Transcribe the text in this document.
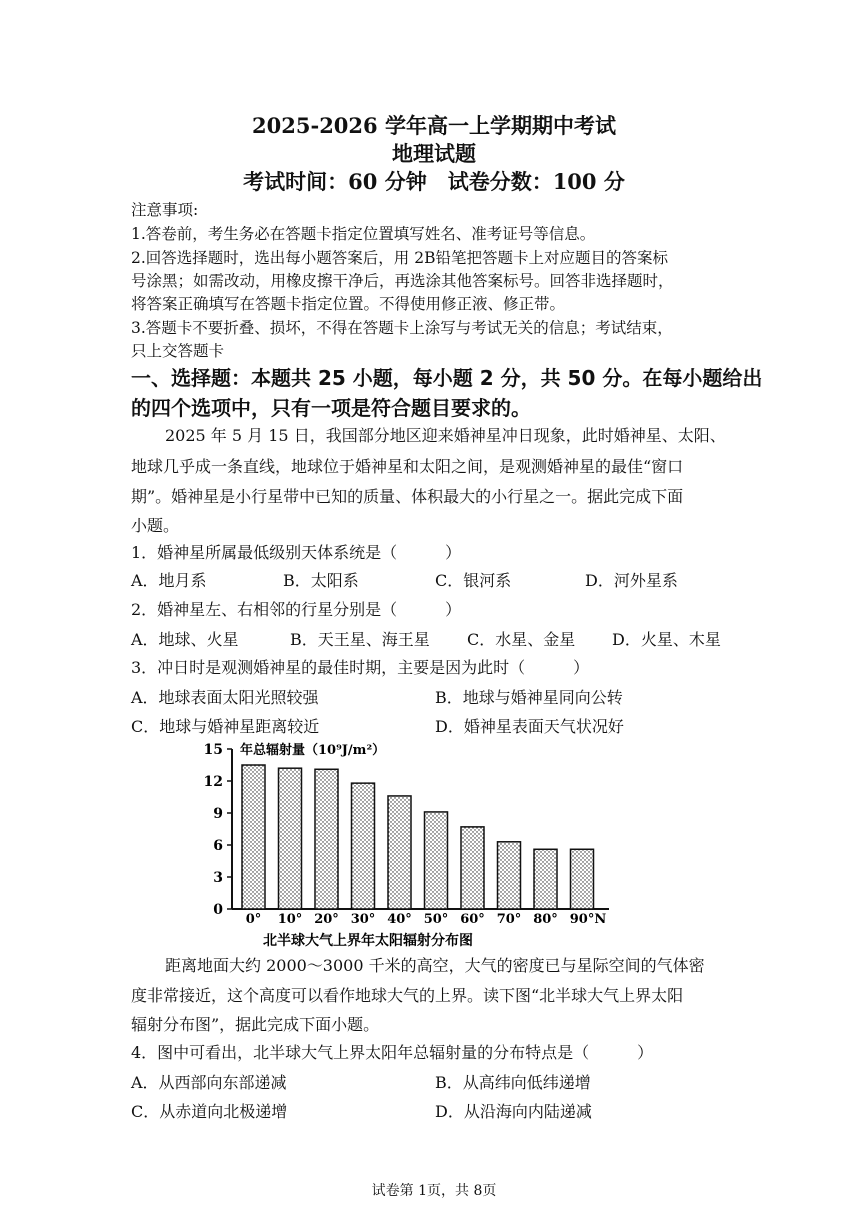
2025-2026 学年高一上学期期中考试
地理试题
考试时间：60 分钟　试卷分数：100 分
注意事项:
1.答卷前，考生务必在答题卡指定位置填写姓名、准考证号等信息。
2.回答选择题时，选出每小题答案后，用 2B铅笔把答题卡上对应题目的答案标
号涂黑；如需改动，用橡皮擦干净后，再选涂其他答案标号。回答非选择题时，
将答案正确填写在答题卡指定位置。不得使用修正液、修正带。
3.答题卡不要折叠、损坏，不得在答题卡上涂写与考试无关的信息；考试结束，
只上交答题卡
一、选择题：本题共 25 小题，每小题 2 分，共 50 分。在每小题给出
的四个选项中，只有一项是符合题目要求的。
2025 年 5 月 15 日，我国部分地区迎来婚神星冲日现象，此时婚神星、太阳、
地球几乎成一条直线，地球位于婚神星和太阳之间，是观测婚神星的最佳“窗口
期”。婚神星是小行星带中已知的质量、体积最大的小行星之一。据此完成下面
小题。
1．婚神星所属最低级别天体系统是（　　　）
A．地月系	B．太阳系	C．银河系	D．河外星系
2．婚神星左、右相邻的行星分别是（　　　）
A．地球、火星	B．天王星、海王星 C．水星、金星 D．火星、木星
3．冲日时是观测婚神星的最佳时期，主要是因为此时（　　　）
A．地球表面太阳光照较强	B．地球与婚神星同向公转
C．地球与婚神星距离较近	D．婚神星表面天气状况好
0
3
6
9
12
15 年总辐射量（10⁹J/m²）
0° 10° 20° 30° 40° 50° 60° 70° 80° 90°N
北半球大气上界年太阳辐射分布图
距离地面大约 2000～3000 千米的高空，大气的密度已与星际空间的气体密
度非常接近，这个高度可以看作地球大气的上界。读下图“北半球大气上界太阳
辐射分布图”，据此完成下面小题。
4．图中可看出，北半球大气上界太阳年总辐射量的分布特点是（　　　）
A．从西部向东部递减	B．从高纬向低纬递增
C．从赤道向北极递增	D．从沿海向内陆递减
试卷第 1页，共 8页
